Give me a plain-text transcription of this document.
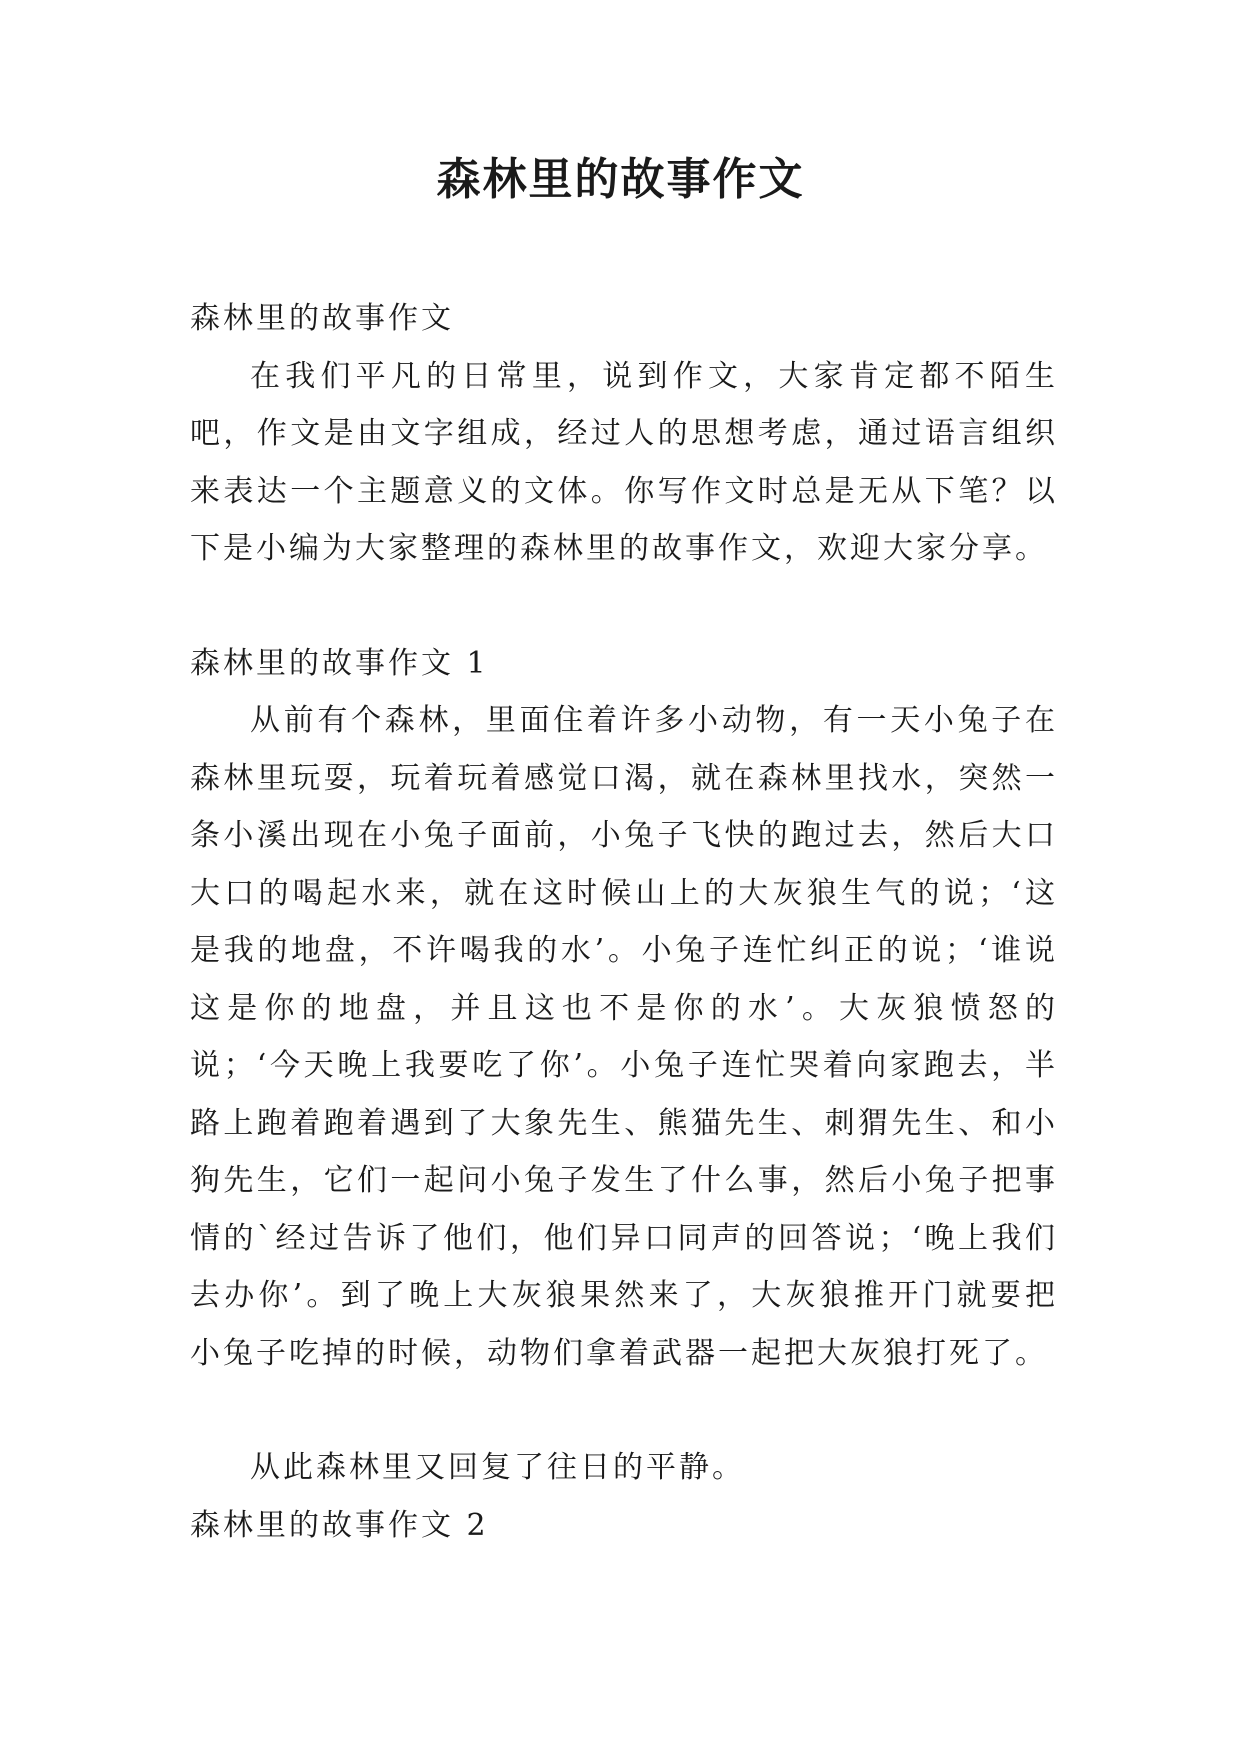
森林里的故事作文

森林里的故事作文

在我们平凡的日常里，说到作文，大家肯定都不陌生吧，作文是由文字组成，经过人的思想考虑，通过语言组织来表达一个主题意义的文体。你写作文时总是无从下笔？以下是小编为大家整理的森林里的故事作文，欢迎大家分享。

森林里的故事作文 1

从前有个森林，里面住着许多小动物，有一天小兔子在森林里玩耍，玩着玩着感觉口渴，就在森林里找水，突然一条小溪出现在小兔子面前，小兔子飞快的跑过去，然后大口大口的喝起水来，就在这时候山上的大灰狼生气的说；‘这是我的地盘，不许喝我的水’。小兔子连忙纠正的说；‘谁说这是你的地盘，并且这也不是你的水’。大灰狼愤怒的说；‘今天晚上我要吃了你’。小兔子连忙哭着向家跑去，半路上跑着跑着遇到了大象先生、熊猫先生、刺猬先生、和小狗先生，它们一起问小兔子发生了什么事，然后小兔子把事情的`经过告诉了他们，他们异口同声的回答说；‘晚上我们去办你’。到了晚上大灰狼果然来了，大灰狼推开门就要把小兔子吃掉的时候，动物们拿着武器一起把大灰狼打死了。

从此森林里又回复了往日的平静。

森林里的故事作文 2
